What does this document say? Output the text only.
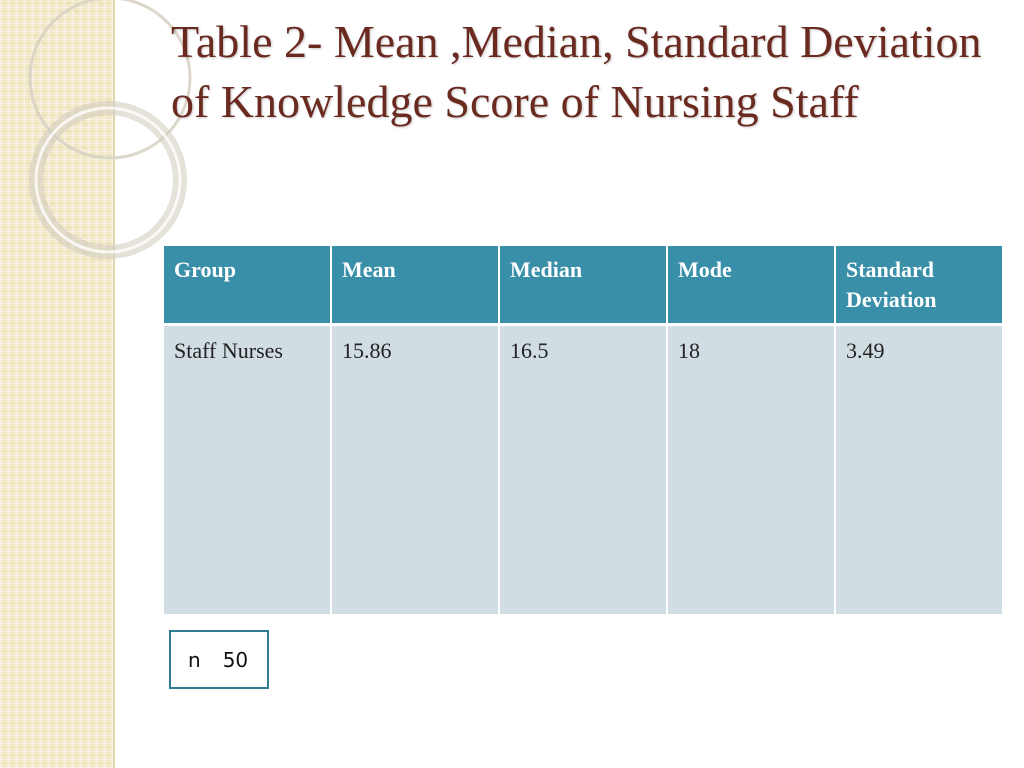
Table 2- Mean ,Median, Standard Deviation of Knowledge Score of Nursing Staff
Group	Mean	Median	Mode	Standard Deviation
Staff Nurses	15.86	16.5	18	3.49
n 50
